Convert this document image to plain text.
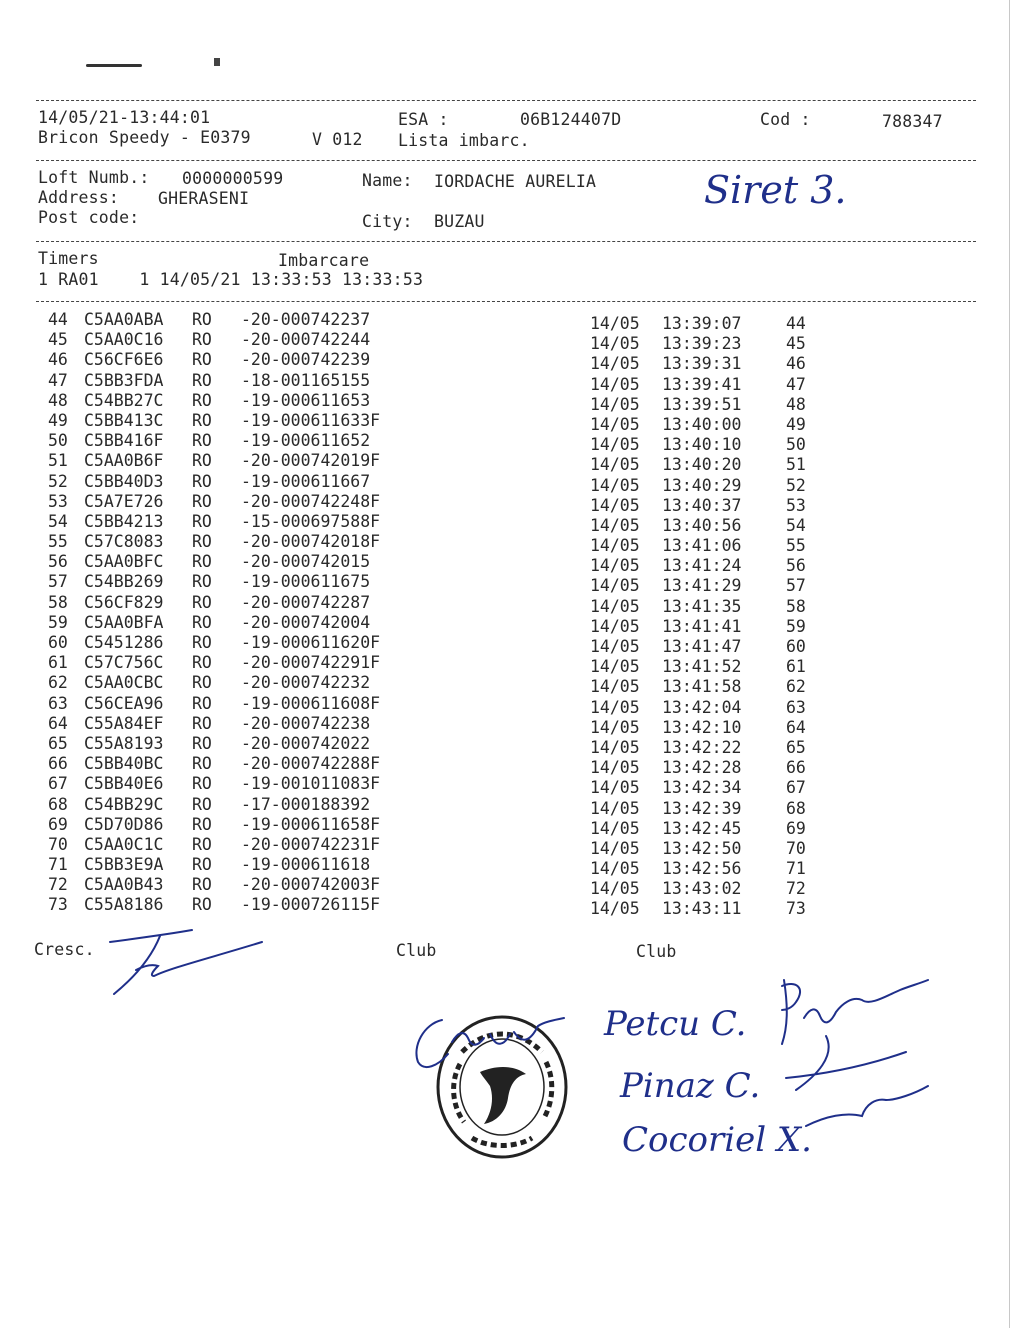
14/05/21-13:44:01	ESA :	06B124407D	Cod :	788347
Bricon Speedy - E0379	V 012 Lista imbarc.
Loft Numb.: 0000000599	Name: IORDACHE AURELIA
Address: GHERASENI
Post code:	City: BUZAU
Siret 3.
Timers	Imbarcare
1 RA01    1 14/05/21 13:33:53 13:33:53
44 C5AA0ABA RO -20-000742237	14/05 13:39:07	44
45 C5AA0C16 RO -20-000742244	14/05 13:39:23	45
46 C56CF6E6 RO -20-000742239	14/05 13:39:31	46
47 C5BB3FDA RO -18-001165155	14/05 13:39:41	47
48 C54BB27C RO -19-000611653	14/05 13:39:51	48
49 C5BB413C RO -19-000611633F	14/05 13:40:00	49
50 C5BB416F RO -19-000611652	14/05 13:40:10	50
51 C5AA0B6F RO -20-000742019F	14/05 13:40:20	51
52 C5BB40D3 RO -19-000611667	14/05 13:40:29	52
53 C5A7E726 RO -20-000742248F	14/05 13:40:37	53
54 C5BB4213 RO -15-000697588F	14/05 13:40:56	54
55 C57C8083 RO -20-000742018F	14/05 13:41:06	55
56 C5AA0BFC RO -20-000742015	14/05 13:41:24	56
57 C54BB269 RO -19-000611675	14/05 13:41:29	57
58 C56CF829 RO -20-000742287	14/05 13:41:35	58
59 C5AA0BFA RO -20-000742004	14/05 13:41:41	59
60 C5451286 RO -19-000611620F	14/05 13:41:47	60
61 C57C756C RO -20-000742291F	14/05 13:41:52	61
62 C5AA0CBC RO -20-000742232	14/05 13:41:58	62
63 C56CEA96 RO -19-000611608F	14/05 13:42:04	63
64 C55A84EF RO -20-000742238	14/05 13:42:10	64
65 C55A8193 RO -20-000742022	14/05 13:42:22	65
66 C5BB40BC RO -20-000742288F	14/05 13:42:28	66
67 C5BB40E6 RO -19-001011083F	14/05 13:42:34	67
68 C54BB29C RO -17-000188392	14/05 13:42:39	68
69 C5D70D86 RO -19-000611658F	14/05 13:42:45	69
70 C5AA0C1C RO -20-000742231F	14/05 13:42:50	70
71 C5BB3E9A RO -19-000611618	14/05 13:42:56	71
72 C5AA0B43 RO -20-000742003F	14/05 13:43:02	72
73 C55A8186 RO -19-000726115F	14/05 13:43:11	73
Cresc.	Club	Club
Petcu C.
Pinaz C.
Cocoriel X.
